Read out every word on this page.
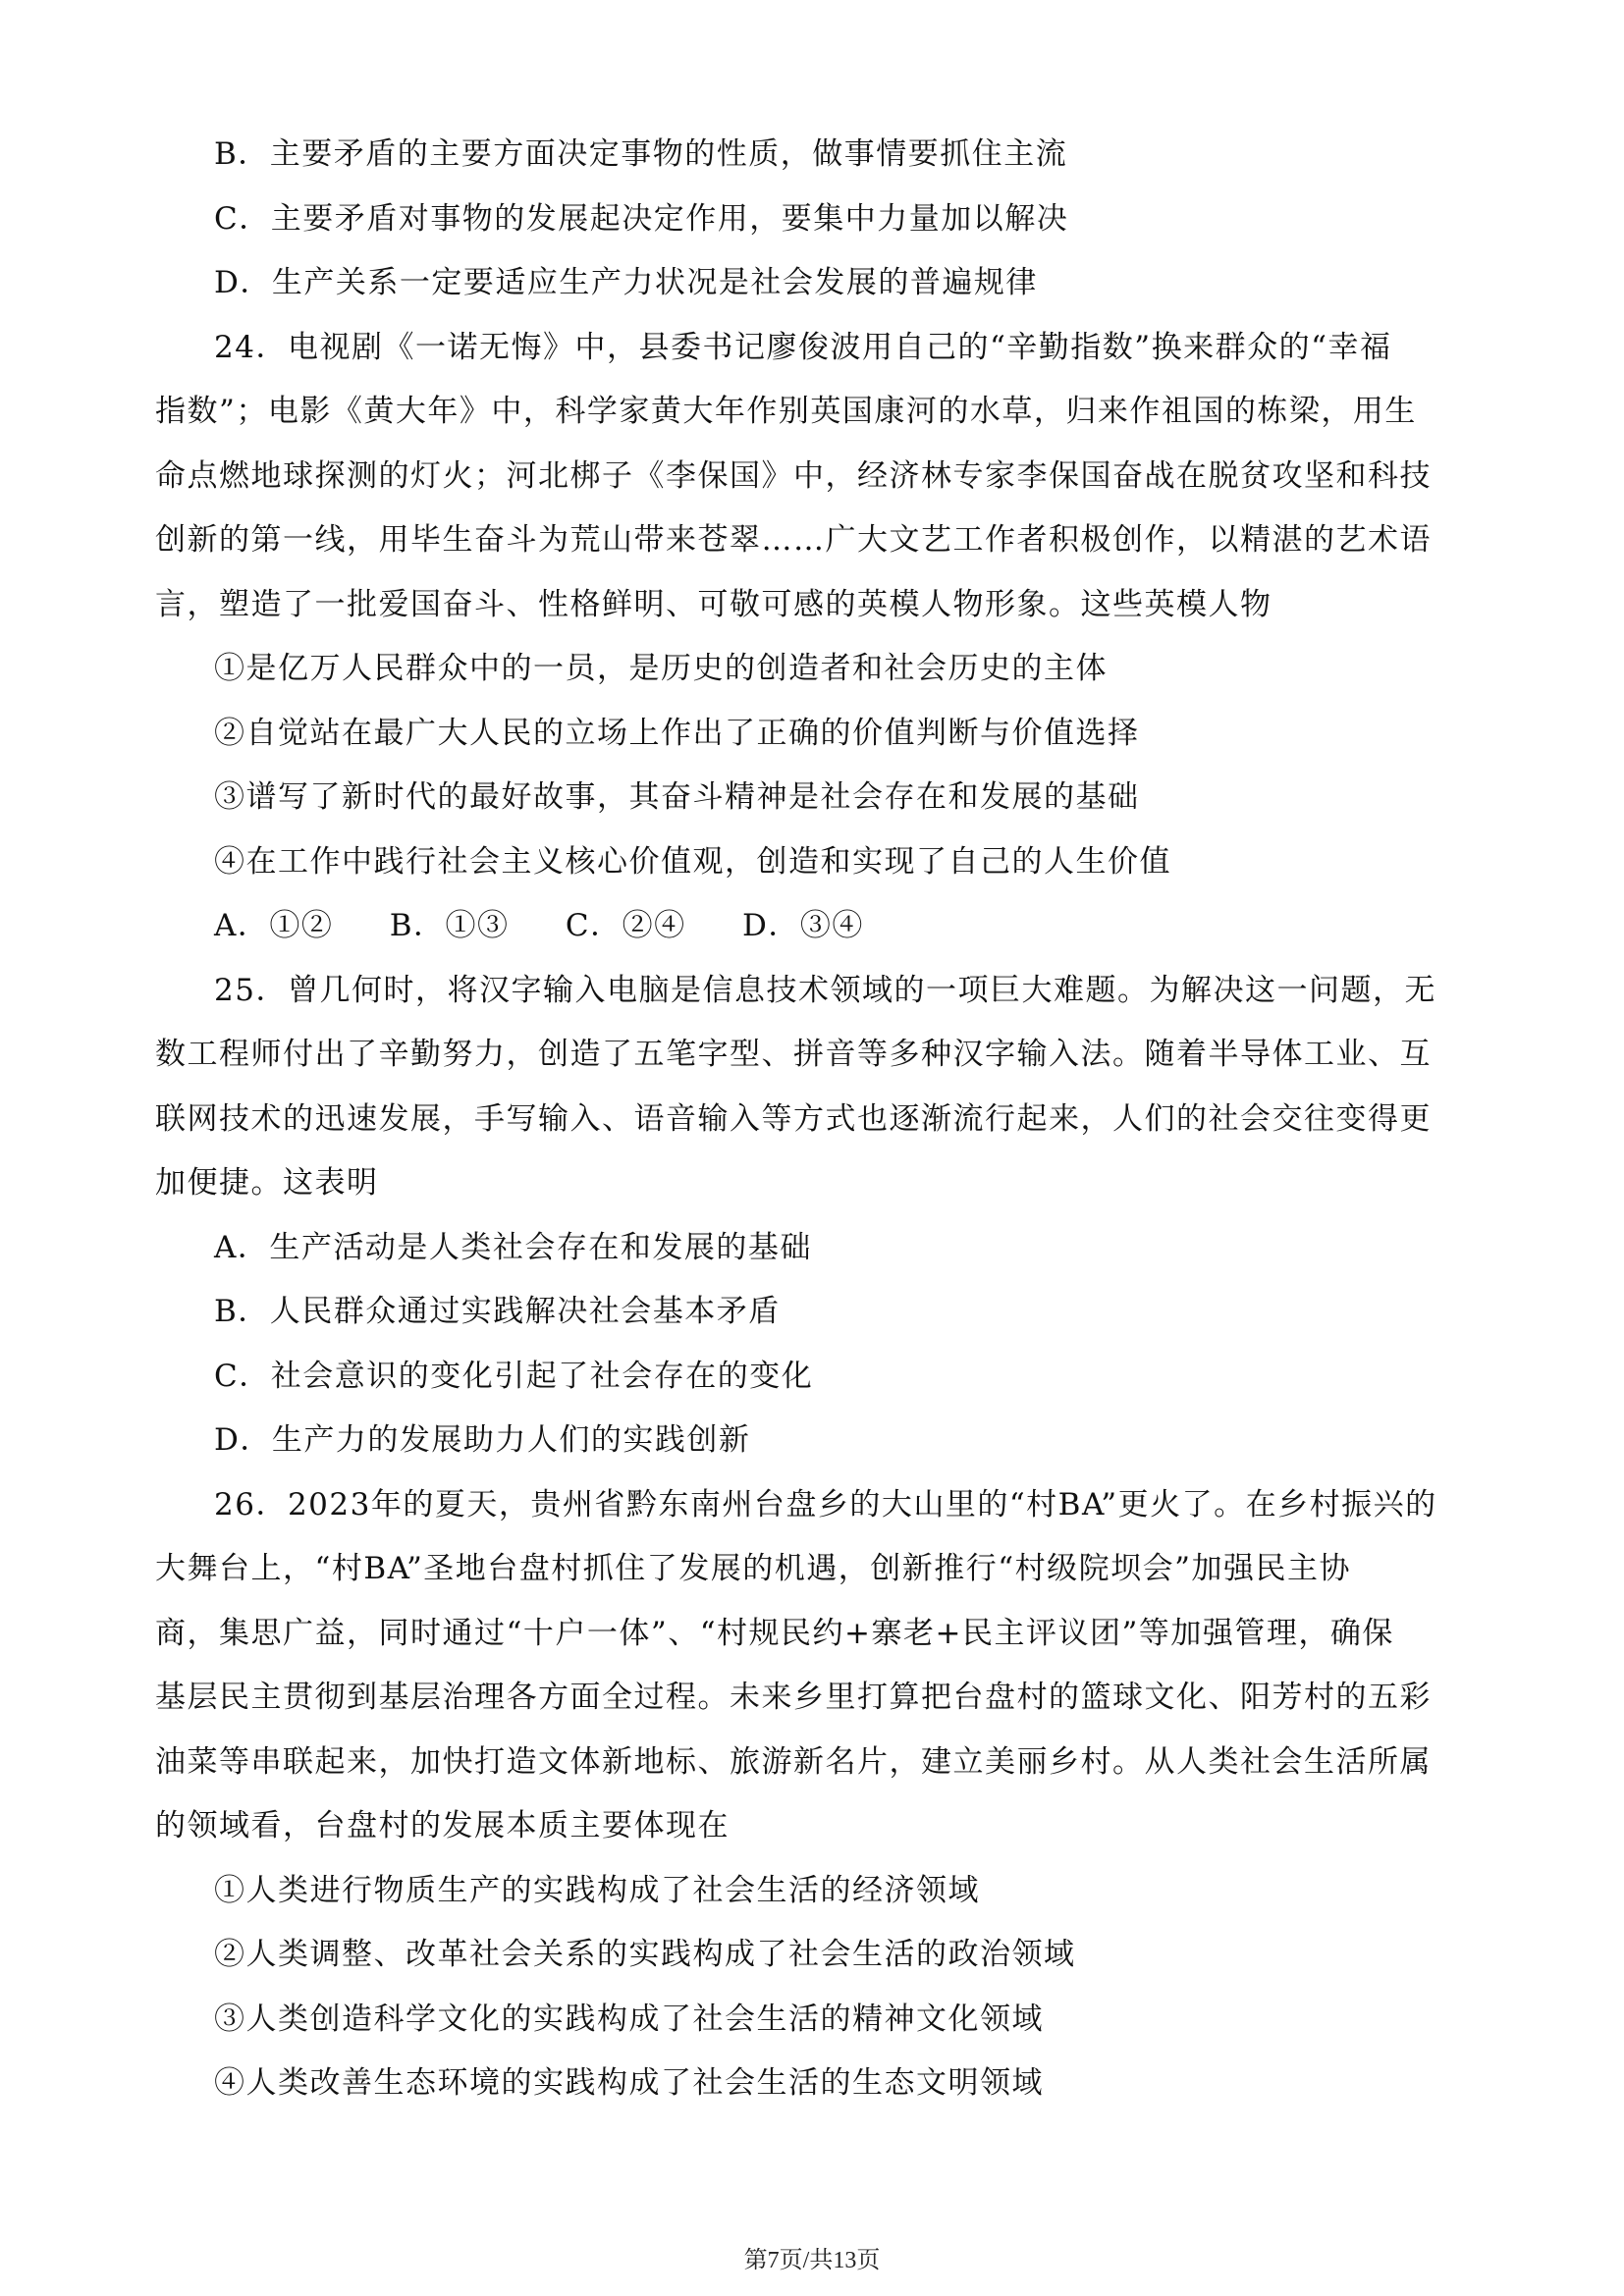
B．主要矛盾的主要方面决定事物的性质，做事情要抓住主流
C．主要矛盾对事物的发展起决定作用，要集中力量加以解决
D．生产关系一定要适应生产力状况是社会发展的普遍规律
24．电视剧《一诺无悔》中，县委书记廖俊波用自己的“辛勤指数”换来群众的“幸福
指数”；电影《黄大年》中，科学家黄大年作别英国康河的水草，归来作祖国的栋梁，用生
命点燃地球探测的灯火；河北梆子《李保国》中，经济林专家李保国奋战在脱贫攻坚和科技
创新的第一线，用毕生奋斗为荒山带来苍翠……广大文艺工作者积极创作，以精湛的艺术语
言，塑造了一批爱国奋斗、性格鲜明、可敬可感的英模人物形象。这些英模人物
①是亿万人民群众中的一员，是历史的创造者和社会历史的主体
②自觉站在最广大人民的立场上作出了正确的价值判断与价值选择
③谱写了新时代的最好故事，其奋斗精神是社会存在和发展的基础
④在工作中践行社会主义核心价值观，创造和实现了自己的人生价值
A．①② B．①③ C．②④ D．③④
25．曾几何时，将汉字输入电脑是信息技术领域的一项巨大难题。为解决这一问题，无
数工程师付出了辛勤努力，创造了五笔字型、拼音等多种汉字输入法。随着半导体工业、互
联网技术的迅速发展，手写输入、语音输入等方式也逐渐流行起来，人们的社会交往变得更
加便捷。这表明
A．生产活动是人类社会存在和发展的基础
B．人民群众通过实践解决社会基本矛盾
C．社会意识的变化引起了社会存在的变化
D．生产力的发展助力人们的实践创新
26．2023年的夏天，贵州省黔东南州台盘乡的大山里的“村BA”更火了。在乡村振兴的
大舞台上，“村BA”圣地台盘村抓住了发展的机遇，创新推行“村级院坝会”加强民主协
商，集思广益，同时通过“十户一体”、“村规民约+寨老+民主评议团”等加强管理，确保
基层民主贯彻到基层治理各方面全过程。未来乡里打算把台盘村的篮球文化、阳芳村的五彩
油菜等串联起来，加快打造文体新地标、旅游新名片，建立美丽乡村。从人类社会生活所属
的领域看，台盘村的发展本质主要体现在
①人类进行物质生产的实践构成了社会生活的经济领域
②人类调整、改革社会关系的实践构成了社会生活的政治领域
③人类创造科学文化的实践构成了社会生活的精神文化领域
④人类改善生态环境的实践构成了社会生活的生态文明领域
第7页/共13页
